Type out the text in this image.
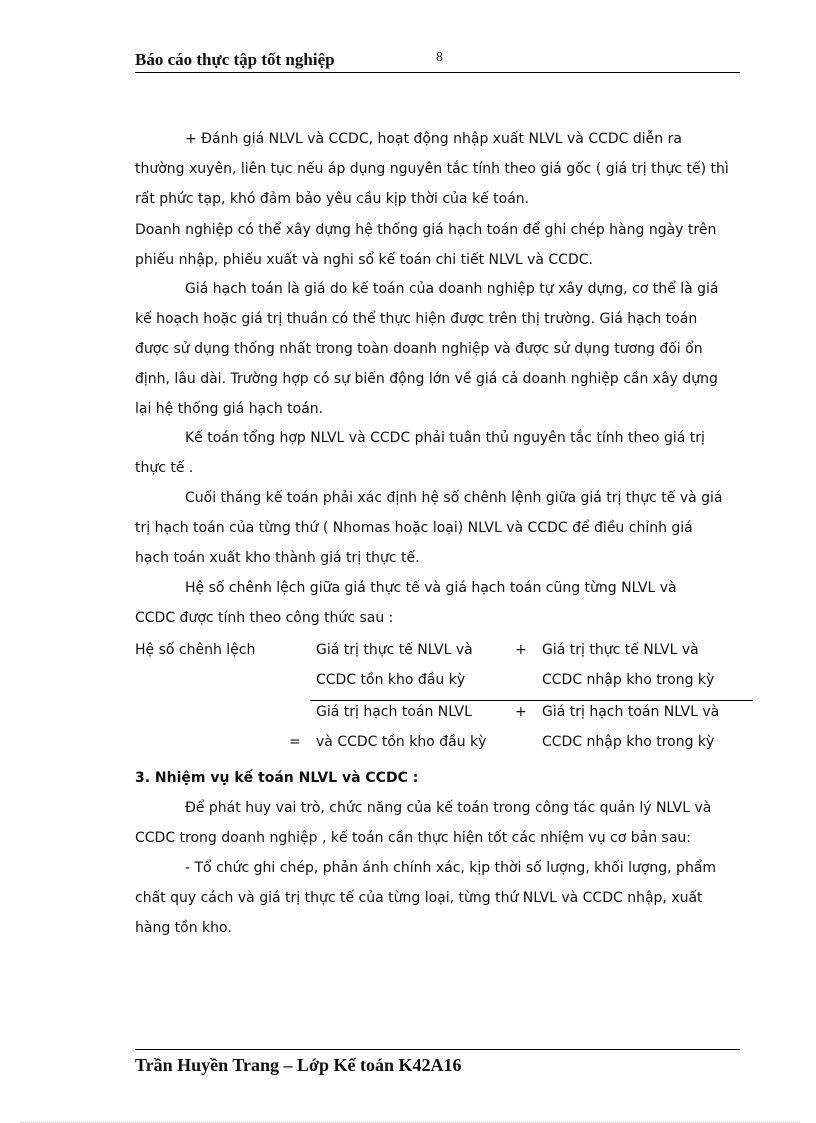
Báo cáo thực tập tốt nghiệp	8
+ Đánh giá NLVL và CCDC, hoạt động nhập xuất NLVL và CCDC diễn ra
thường xuyên, liên tục nếu áp dụng nguyên tắc tính theo giá gốc ( giá trị thực tế) thì
rất phức tạp, khó đảm bảo yêu cầu kịp thời của kế toán.
Doanh nghiệp có thể xây dựng hệ thống giá hạch toán để ghi chép hàng ngày trên
phiếu nhập, phiếu xuất và nghi sổ kế toán chi tiết NLVL và CCDC.
Giá hạch toán là giá do kế toán của doanh nghiệp tự xây dựng, cơ thể là giá
kế hoạch hoặc giá trị thuần có thể thực hiện được trên thị trường. Giá hạch toán
được sử dụng thống nhất trong toàn doanh nghiệp và được sử dụng tương đối ổn
định, lâu dài. Trường hợp có sự biến động lớn về giá cả doanh nghiệp cần xây dựng
lại hệ thống giá hạch toán.
Kế toán tổng hợp NLVL và CCDC phải tuân thủ nguyên tắc tính theo giá trị
thực tế .
Cuối tháng kế toán phải xác định hệ số chênh lệnh giữa giá trị thực tế và giá
trị hạch toán của từng thứ ( Nhomas hoặc loại) NLVL và CCDC để điều chỉnh giá
hạch toán xuất kho thành giá trị thực tế.
Hệ số chênh lệch giữa giá thực tế và giá hạch toán cũng từng NLVL và
CCDC được tính theo công thức sau :
Hệ số chênh lệch	Giá trị thực tế NLVL và
CCDC tồn kho đầu kỳ
+ Giá trị thực tế NLVL và
CCDC nhập kho trong kỳ
Giá trị hạch toán NLVL
và CCDC tồn kho đầu kỳ
=
+ Giá trị hạch toán NLVL và
CCDC nhập kho trong kỳ
3. Nhiệm vụ kế toán NLVL và CCDC :
Để phát huy vai trò, chức năng của kế toán trong công tác quản lý NLVL và
CCDC trong doanh nghiệp , kế toán cần thực hiện tốt các nhiệm vụ cơ bản sau:
- Tổ chức ghi chép, phản ánh chính xác, kịp thời số lượng, khối lượng, phẩm
chất quy cách và giá trị thực tế của từng loại, từng thứ NLVL và CCDC nhập, xuất
hàng tồn kho.
Trần Huyền Trang – Lớp Kế toán K42A16
